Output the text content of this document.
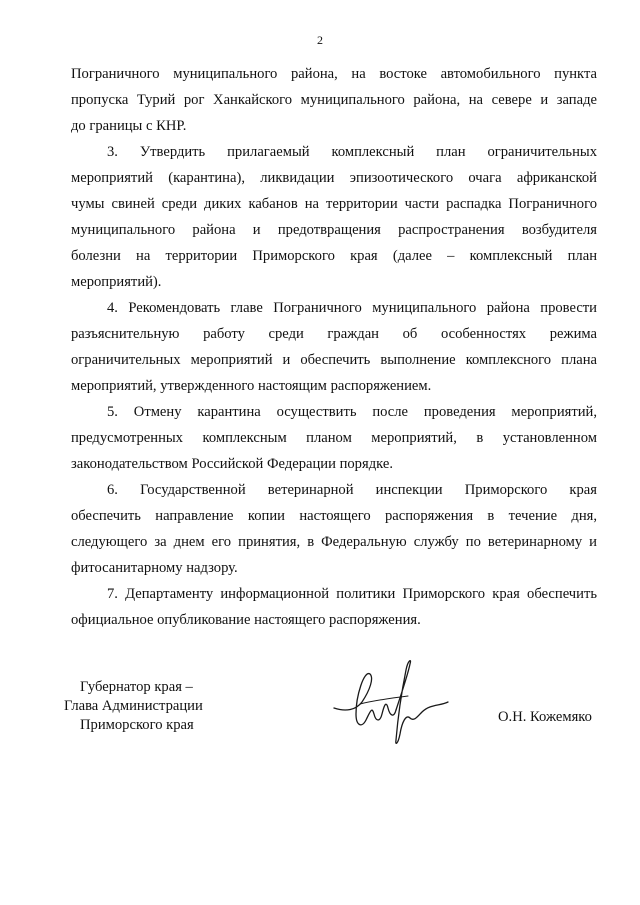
2

Пограничного муниципального района, на востоке автомобильного пункта
пропуска Турий рог Ханкайского муниципального района, на севере и западе
до границы с КНР.

3. Утвердить прилагаемый комплексный план ограничительных
мероприятий (карантина), ликвидации эпизоотического очага африканской
чумы свиней среди диких кабанов на территории части распадка Пограничного
муниципального района и предотвращения распространения возбудителя
болезни на территории Приморского края (далее – комплексный план
мероприятий).

4. Рекомендовать главе Пограничного муниципального района провести
разъяснительную работу среди граждан об особенностях режима
ограничительных мероприятий и обеспечить выполнение комплексного плана
мероприятий, утвержденного настоящим распоряжением.

5. Отмену карантина осуществить после проведения мероприятий,
предусмотренных комплексным планом мероприятий, в установленном
законодательством Российской Федерации порядке.

6. Государственной ветеринарной инспекции Приморского края
обеспечить направление копии настоящего распоряжения в течение дня,
следующего за днем его принятия, в Федеральную службу по ветеринарному и
фитосанитарному надзору.

7. Департаменту информационной политики Приморского края обеспечить
официальное опубликование настоящего распоряжения.

Губернатор края –
Глава Администрации
Приморского края	О.Н. Кожемяко
